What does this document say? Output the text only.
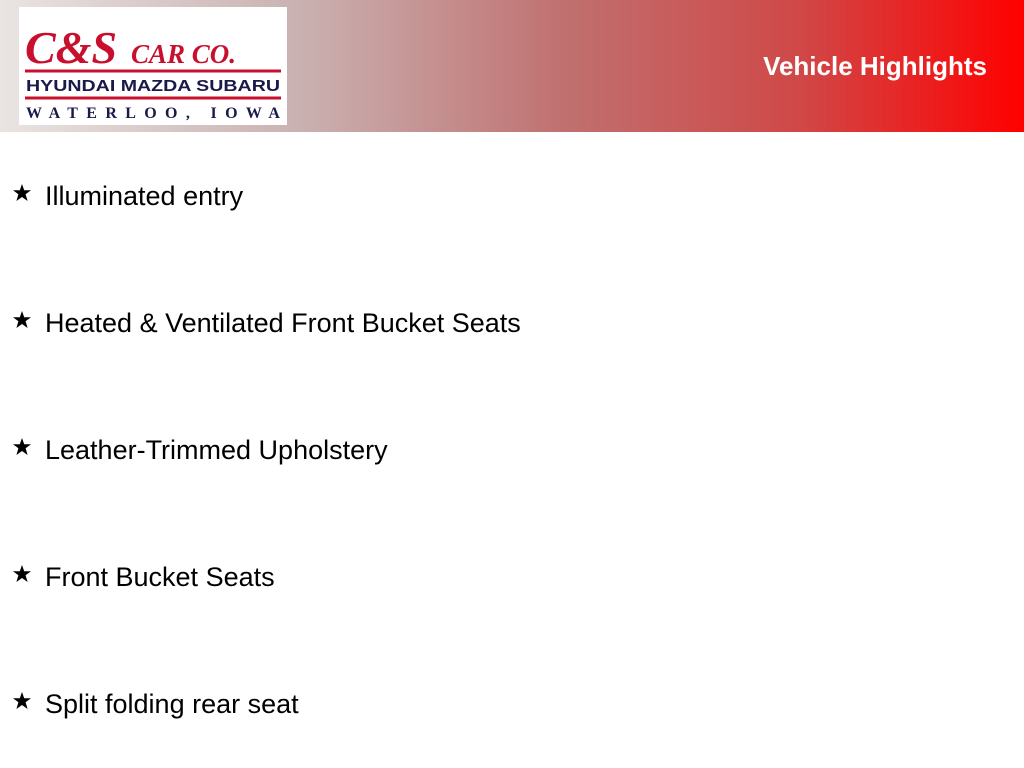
C&S CAR CO.
HYUNDAI MAZDA SUBARU
WATERLOO, IOWA
Vehicle Highlights
Illuminated entry
Heated & Ventilated Front Bucket Seats
Leather-Trimmed Upholstery
Front Bucket Seats
Split folding rear seat
